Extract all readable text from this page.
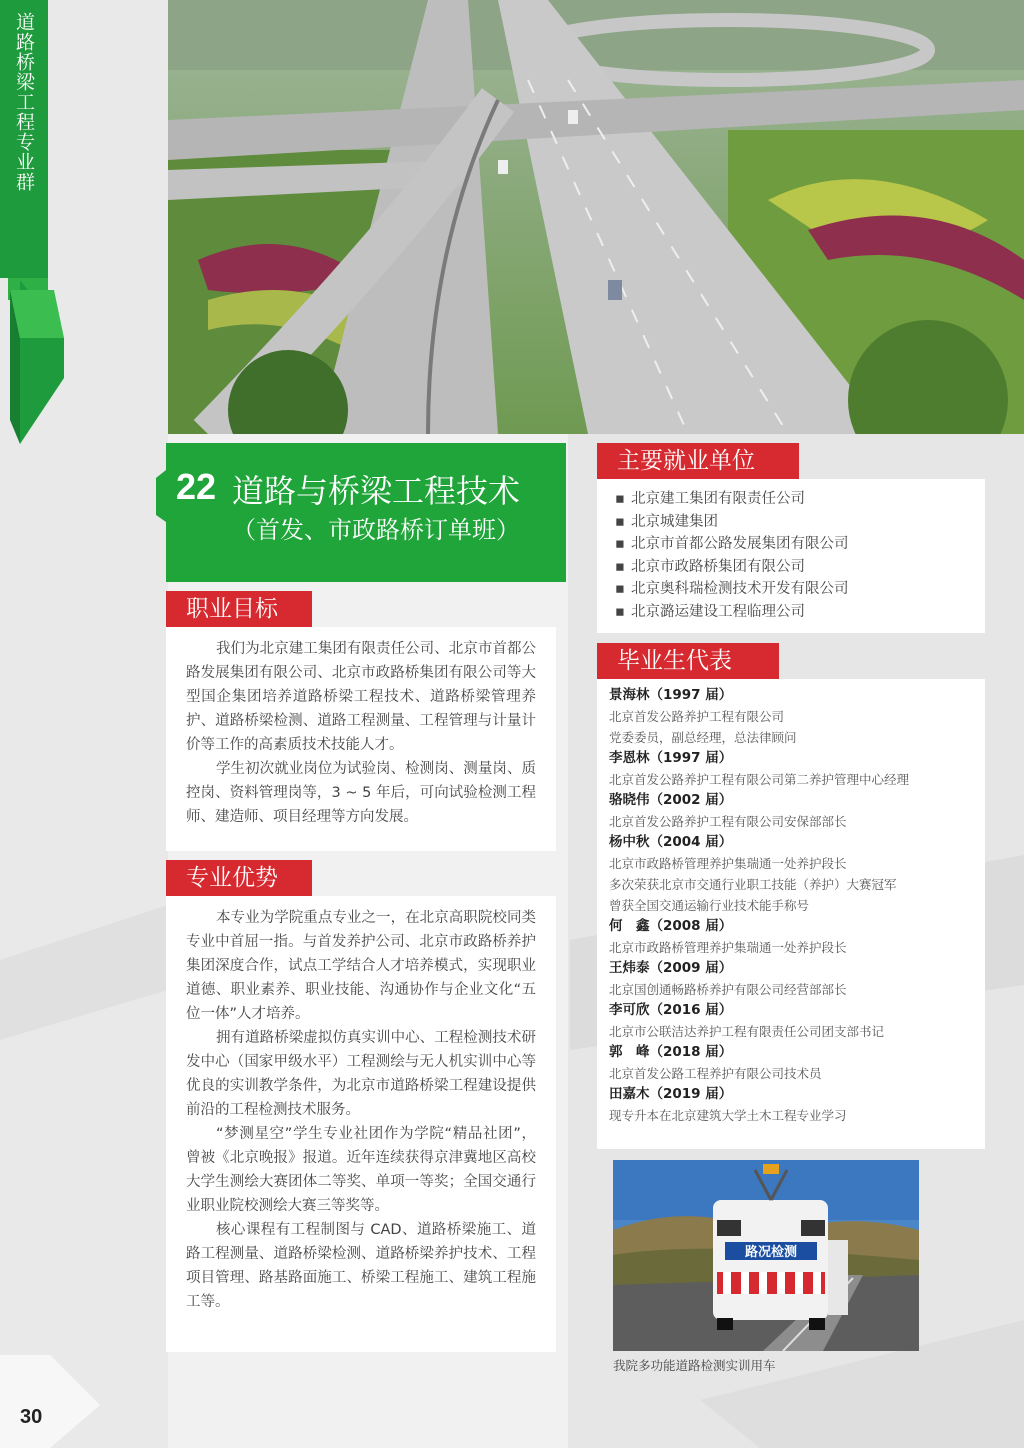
道路桥梁工程专业群
22 道路与桥梁工程技术
（首发、市政路桥订单班）
职业目标

我们为北京建工集团有限责任公司、北京市首都公路发展集团有限公司、北京市政路桥集团有限公司等大型国企集团培养道路桥梁工程技术、道路桥梁管理养护、道路桥梁检测、道路工程测量、工程管理与计量计价等工作的高素质技术技能人才。

学生初次就业岗位为试验岗、检测岗、测量岗、质控岗、资料管理岗等，3 ~ 5 年后，可向试验检测工程师、建造师、项目经理等方向发展。

专业优势

本专业为学院重点专业之一，在北京高职院校同类专业中首屈一指。与首发养护公司、北京市政路桥养护集团深度合作，试点工学结合人才培养模式，实现职业道德、职业素养、职业技能、沟通协作与企业文化“五位一体”人才培养。

拥有道路桥梁虚拟仿真实训中心、工程检测技术研发中心（国家甲级水平）工程测绘与无人机实训中心等优良的实训教学条件，为北京市道路桥梁工程建设提供前沿的工程检测技术服务。

“梦测星空”学生专业社团作为学院“精品社团”，曾被《北京晚报》报道。近年连续获得京津冀地区高校大学生测绘大赛团体二等奖、单项一等奖；全国交通行业职业院校测绘大赛三等奖等。

核心课程有工程制图与 CAD、道路桥梁施工、道路工程测量、道路桥梁检测、道路桥梁养护技术、工程项目管理、路基路面施工、桥梁工程施工、建筑工程施工等。

主要就业单位
▪ 北京建工集团有限责任公司
▪ 北京城建集团
▪ 北京市首都公路发展集团有限公司
▪ 北京市政路桥集团有限公司
▪ 北京奥科瑞检测技术开发有限公司
▪ 北京潞运建设工程临理公司
毕业生代表
景海林（1997 届）
北京首发公路养护工程有限公司
党委委员，副总经理，总法律顾问
李恩林（1997 届）
北京首发公路养护工程有限公司第二养护管理中心经理
骆晓伟（2002 届）
北京首发公路养护工程有限公司安保部部长
杨中秋（2004 届）
北京市政路桥管理养护集瑞通一处养护段长
多次荣获北京市交通行业职工技能（养护）大赛冠军
曾获全国交通运输行业技术能手称号
何　鑫（2008 届）
北京市政路桥管理养护集瑞通一处养护段长
王炜泰（2009 届）
北京国创通畅路桥养护有限公司经营部部长
李可欣（2016 届）
北京市公联洁达养护工程有限责任公司团支部书记
郭　峰（2018 届）
北京首发公路工程养护有限公司技术员
田嘉木（2019 届）
现专升本在北京建筑大学土木工程专业学习
路况检测
我院多功能道路检测实训用车
30
